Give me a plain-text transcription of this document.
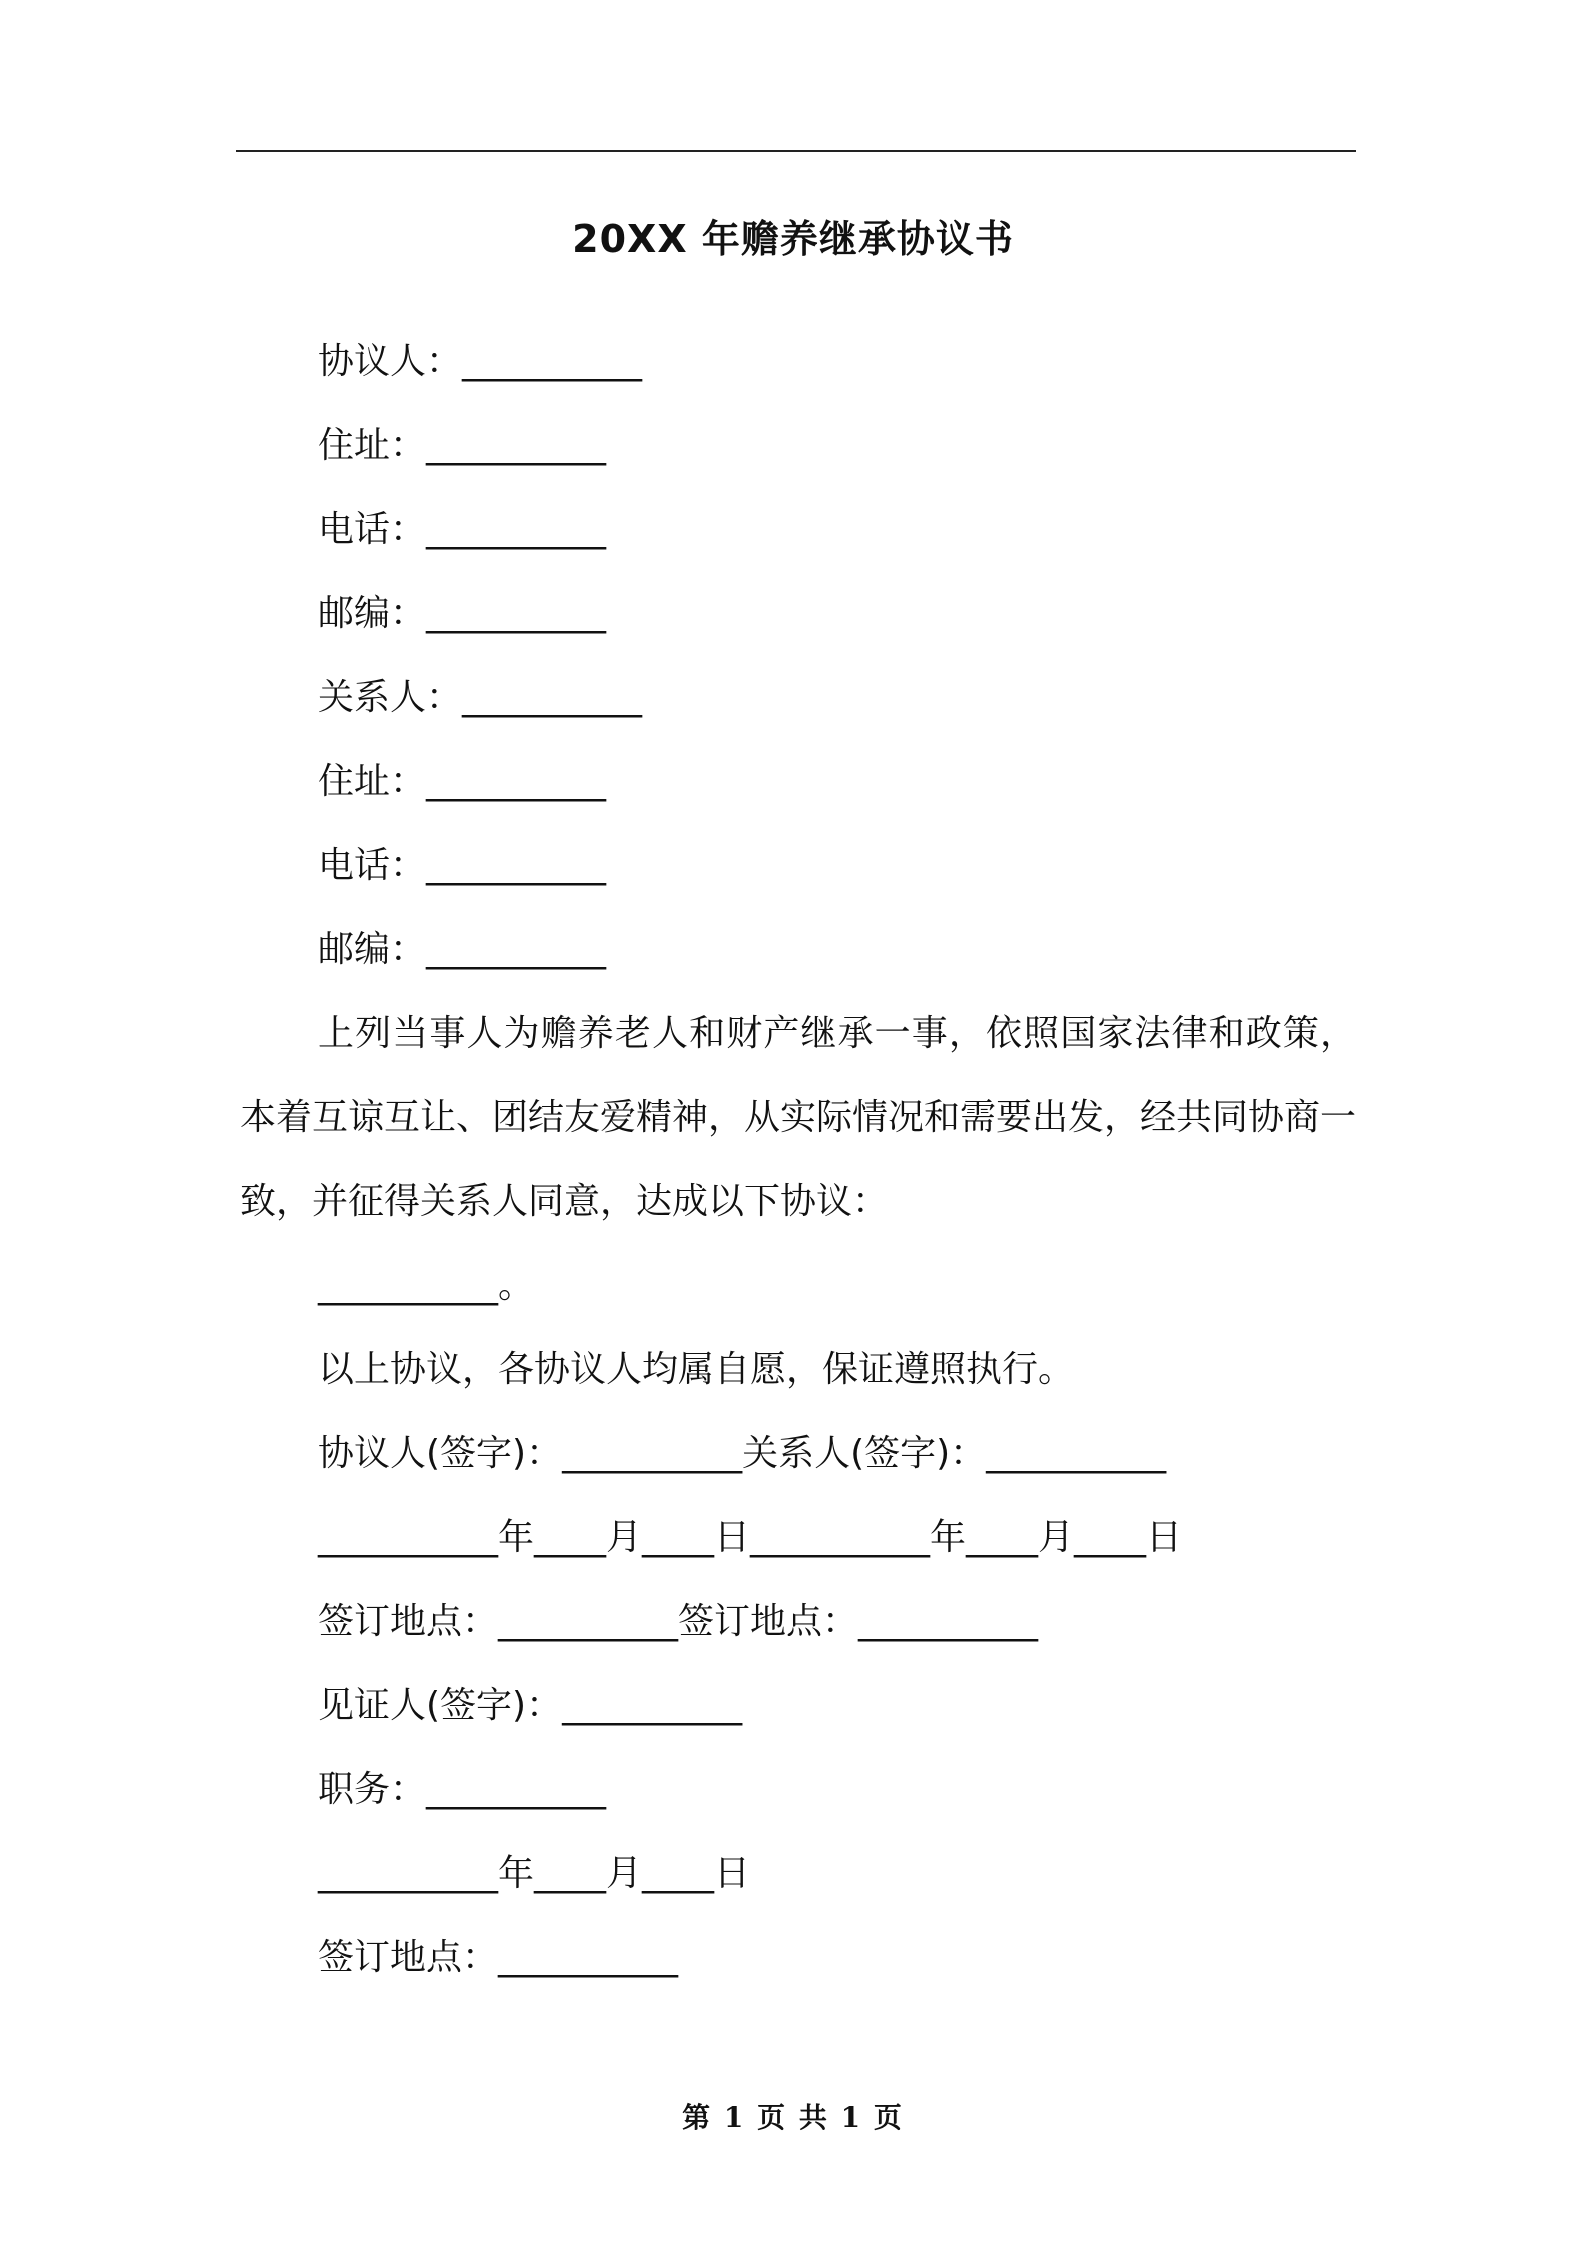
20XX 年赡养继承协议书
协议人：__________
住址：__________
电话：__________
邮编：__________
关系人：__________
住址：__________
电话：__________
邮编：__________
上列当事人为赡养老人和财产继承一事，依照国家法律和政策，本着互谅互让、团结友爱精神，从实际情况和需要出发，经共同协商一致，并征得关系人同意，达成以下协议：
__________。
以上协议，各协议人均属自愿，保证遵照执行。
协议人(签字)：__________关系人(签字)：__________
__________年____月____日__________年____月____日
签订地点：__________签订地点：__________
见证人(签字)：__________
职务：__________
__________年____月____日
签订地点：__________
第 1 页 共 1 页
